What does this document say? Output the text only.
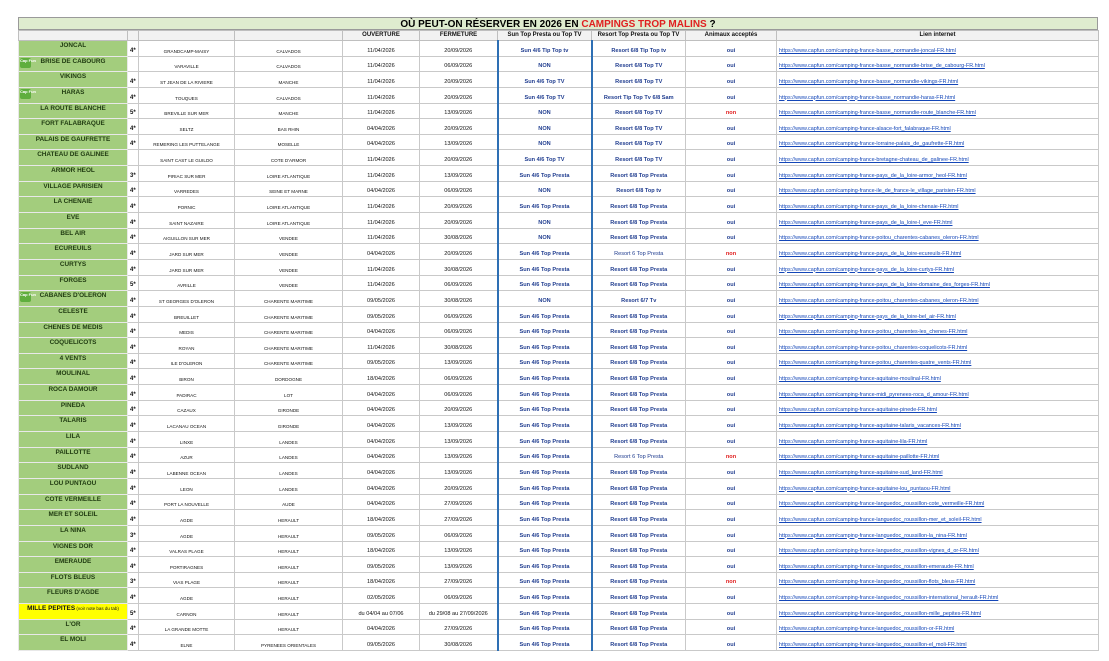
OÙ PEUT-ON RÉSERVER EN 2026 EN CAMPINGS TROP MALINS ?
				OUVERTURE	FERMETURE	Sun Top Presta ou Top TV	Resort Top Presta ou Top TV	Animaux acceptés	Lien internet
JONCAL	4*	GRANDCAMP-MAISY	CALVADOS	11/04/2026	20/09/2026	Sun 4/6 Tip Top tv	Resort 6/8 Tip Top tv	oui	https://www.capfun.com/camping-france-basse_normandie-joncal-FR.html

Cap Fun BRISE DE CABOURG		VARAVILLE	CALVADOS	11/04/2026	06/09/2026	NON	Resort 6/8 Top TV	oui	https://www.capfun.com/camping-france-basse_normandie-brise_de_cabourg-FR.html
VIKINGS	4*	ST JEAN DE LA RIVIERE	MANCHE	11/04/2026	20/09/2026	Sun 4/6 Top TV	Resort 6/8 Top TV	oui	https://www.capfun.com/camping-france-basse_normandie-vikings-FR.html

Cap Fun HARAS	4*	TOUQUES	CALVADOS	11/04/2026	20/09/2026	Sun 4/6 Top TV	Resort Tip Top Tv 6/8 Sam	oui	https://www.capfun.com/camping-france-basse_normandie-haras-FR.html
LA ROUTE BLANCHE	5*	BREVILLE SUR MER	MANCHE	11/04/2026	13/09/2026	NON	Resort 6/8 Top TV	non	https://www.capfun.com/camping-france-basse_normandie-route_blanche-FR.html
FORT FALABRAQUE	4*	SELTZ	BAS RHIN	04/04/2026	20/09/2026	NON	Resort 6/8 Top TV	oui	https://www.capfun.com/camping-france-alsace-fort_falabraque-FR.html
PALAIS DE GAUFRETTE	4*	REMERING LES PUTTELANGE	MOSELLE	04/04/2026	13/09/2026	NON	Resort 6/8 Top TV	oui	https://www.capfun.com/camping-france-lorraine-palais_de_gaufrette-FR.html
CHATEAU DE GALINEE		SAINT CAST LE GUILDO	COTE D'ARMOR	11/04/2026	20/09/2026	Sun 4/6 Top TV	Resort 6/8 Top TV	oui	https://www.capfun.com/camping-france-bretagne-chateau_de_galinee-FR.html
ARMOR HEOL	3*	PIRIAC SUR MER	LOIRE ATLANTIQUE	11/04/2026	13/09/2026	Sun 4/6 Top Presta	Resort 6/8 Top Presta	oui	https://www.capfun.com/camping-france-pays_de_la_loire-armor_heol-FR.html
VILLAGE PARISIEN	4*	VARREDES	SEINE ET MARNE	04/04/2026	06/09/2026	NON	Resort 6/8 Top tv	oui	https://www.capfun.com/camping-france-ile_de_france-le_village_parisien-FR.html
LA CHENAIE	4*	PORNIC	LOIRE ATLANTIQUE	11/04/2026	20/09/2026	Sun 4/6 Top Presta	Resort 6/8 Top Presta	oui	https://www.capfun.com/camping-france-pays_de_la_loire-chenaie-FR.html
EVE	4*	SAINT NAZAIRE	LOIRE ATLANTIQUE	11/04/2026	20/09/2026	NON	Resort 6/8 Top Presta	oui	https://www.capfun.com/camping-france-pays_de_la_loire-l_eve-FR.html
BEL AIR	4*	AIGUILLON SUR MER	VENDEE	11/04/2026	30/08/2026	NON	Resort 6/8 Top Presta	oui	https://www.capfun.com/camping-france-poitou_charentes-cabanes_oleron-FR.html
ECUREUILS	4*	JARD SUR MER	VENDEE	04/04/2026	20/09/2026	Sun 4/6 Top Presta	Resort 6 Top Presta	non	https://www.capfun.com/camping-france-pays_de_la_loire-ecureuils-FR.html
CURTYS	4*	JARD SUR MER	VENDEE	11/04/2026	30/08/2026	Sun 4/6 Top Presta	Resort 6/8 Top Presta	oui	https://www.capfun.com/camping-france-pays_de_la_loire-curtys-FR.html
FORGES	5*	AVRILLE	VENDEE	11/04/2026	06/09/2026	Sun 4/6 Top Presta	Resort 6/8 Top Presta	oui	https://www.capfun.com/camping-france-pays_de_la_loire-domaine_des_forges-FR.html

Cap Fun CABANES D'OLERON	4*	ST GEORGES D'OLERON	CHARENTE MARITIME	09/05/2026	30/08/2026	NON	Resort 6/7 Tv	oui	https://www.capfun.com/camping-france-poitou_charentes-cabanes_oleron-FR.html
CELESTE	4*	BREUILLET	CHARENTE MARITIME	09/05/2026	06/09/2026	Sun 4/6 Top Presta	Resort 6/8 Top Presta	oui	https://www.capfun.com/camping-france-pays_de_la_loire-bel_air-FR.html
CHENES DE MEDIS	4*	MEDIS	CHARENTE MARITIME	04/04/2026	06/09/2026	Sun 4/6 Top Presta	Resort 6/8 Top Presta	oui	https://www.capfun.com/camping-france-poitou_charentes-les_chenes-FR.html
COQUELICOTS	4*	ROYAN	CHARENTE MARITIME	11/04/2026	30/08/2026	Sun 4/6 Top Presta	Resort 6/8 Top Presta	oui	https://www.capfun.com/camping-france-poitou_charentes-coquelicots-FR.html
4 VENTS	4*	ILE D'OLERON	CHARENTE MARITIME	09/05/2026	13/09/2026	Sun 4/6 Top Presta	Resort 6/8 Top Presta	oui	https://www.capfun.com/camping-france-poitou_charentes-quatre_vents-FR.html
MOULINAL	4*	BIRON	DORDOGNE	18/04/2026	06/09/2026	Sun 4/6 Top Presta	Resort 6/8 Top Presta	oui	https://www.capfun.com/camping-france-aquitaine-moulinal-FR.html
ROCA DAMOUR	4*	PADIRAC	LOT	04/04/2026	06/09/2026	Sun 4/6 Top Presta	Resort 6/8 Top Presta	oui	https://www.capfun.com/camping-france-midi_pyrenees-roca_d_amour-FR.html
PINEDA	4*	CAZAUX	GIRONDE	04/04/2026	20/09/2026	Sun 4/6 Top Presta	Resort 6/8 Top Presta	oui	https://www.capfun.com/camping-france-aquitaine-pinede-FR.html
TALARIS	4*	LACANAU OCEAN	GIRONDE	04/04/2026	13/09/2026	Sun 4/6 Top Presta	Resort 6/8 Top Presta	oui	https://www.capfun.com/camping-france-aquitaine-talaris_vacances-FR.html
LILA	4*	LINXE	LANDES	04/04/2026	13/09/2026	Sun 4/6 Top Presta	Resort 6/8 Top Presta	oui	https://www.capfun.com/camping-france-aquitaine-lila-FR.html
PAILLOTTE	4*	AZUR	LANDES	04/04/2026	13/09/2026	Sun 4/6 Top Presta	Resort 6 Top Presta	non	https://www.capfun.com/camping-france-aquitaine-paillotte-FR.html
SUDLAND	4*	LABENNE OCEAN	LANDES	04/04/2026	13/09/2026	Sun 4/6 Top Presta	Resort 6/8 Top Presta	oui	https://www.capfun.com/camping-france-aquitaine-sud_land-FR.html
LOU PUNTAOU	4*	LEON	LANDES	04/04/2026	20/09/2026	Sun 4/6 Top Presta	Resort 6/8 Top Presta	oui	https://www.capfun.com/camping-france-aquitaine-lou_puntaou-FR.html
COTE VERMEILLE	4*	PORT LA NOUVELLE	AUDE	04/04/2026	27/09/2026	Sun 4/6 Top Presta	Resort 6/8 Top Presta	oui	https://www.capfun.com/camping-france-languedoc_roussillon-cote_vermeille-FR.html
MER ET SOLEIL	4*	AGDE	HERAULT	18/04/2026	27/09/2026	Sun 4/6 Top Presta	Resort 6/8 Top Presta	oui	https://www.capfun.com/camping-france-languedoc_roussillon-mer_et_soleil-FR.html
LA NINA	3*	AGDE	HERAULT	09/05/2026	06/09/2026	Sun 4/6 Top Presta	Resort 6/8 Top Presta	oui	https://www.capfun.com/camping-france-languedoc_roussillon-la_nina-FR.html
VIGNES DOR	4*	VALRAS PLAGE	HERAULT	18/04/2026	13/09/2026	Sun 4/6 Top Presta	Resort 6/8 Top Presta	oui	https://www.capfun.com/camping-france-languedoc_roussillon-vignes_d_or-FR.html
EMERAUDE	4*	PORTIRAGNES	HERAULT	09/05/2026	13/09/2026	Sun 4/6 Top Presta	Resort 6/8 Top Presta	oui	https://www.capfun.com/camping-france-languedoc_roussillon-emeraude-FR.html
FLOTS BLEUS	3*	VIAS PLAGE	HERAULT	18/04/2026	27/09/2026	Sun 4/6 Top Presta	Resort 6/8 Top Presta	non	https://www.capfun.com/camping-france-languedoc_roussillon-flots_bleus-FR.html
FLEURS D'AGDE	4*	AGDE	HERAULT	02/05/2026	06/09/2026	Sun 4/6 Top Presta	Resort 6/8 Top Presta	oui	https://www.capfun.com/camping-france-languedoc_roussillon-international_herault-FR.html
MILLE PEPITES (voir note bas du tab)	5*	CARNON	HERAULT	du 04/04 au 07/06	du 29/08 au 27/09/2026	Sun 4/6 Top Presta	Resort 6/8 Top Presta	oui	https://www.capfun.com/camping-france-languedoc_roussillon-mille_pepites-FR.html
L'OR	4*	LA GRANDE MOTTE	HERAULT	04/04/2026	27/09/2026	Sun 4/6 Top Presta	Resort 6/8 Top Presta	oui	https://www.capfun.com/camping-france-languedoc_roussillon-or-FR.html
EL MOLI	4*	ELNE	PYRENEES ORIENTALES	09/05/2026	30/08/2026	Sun 4/6 Top Presta	Resort 6/8 Top Presta	oui	https://www.capfun.com/camping-france-languedoc_roussillon-el_moli-FR.html
